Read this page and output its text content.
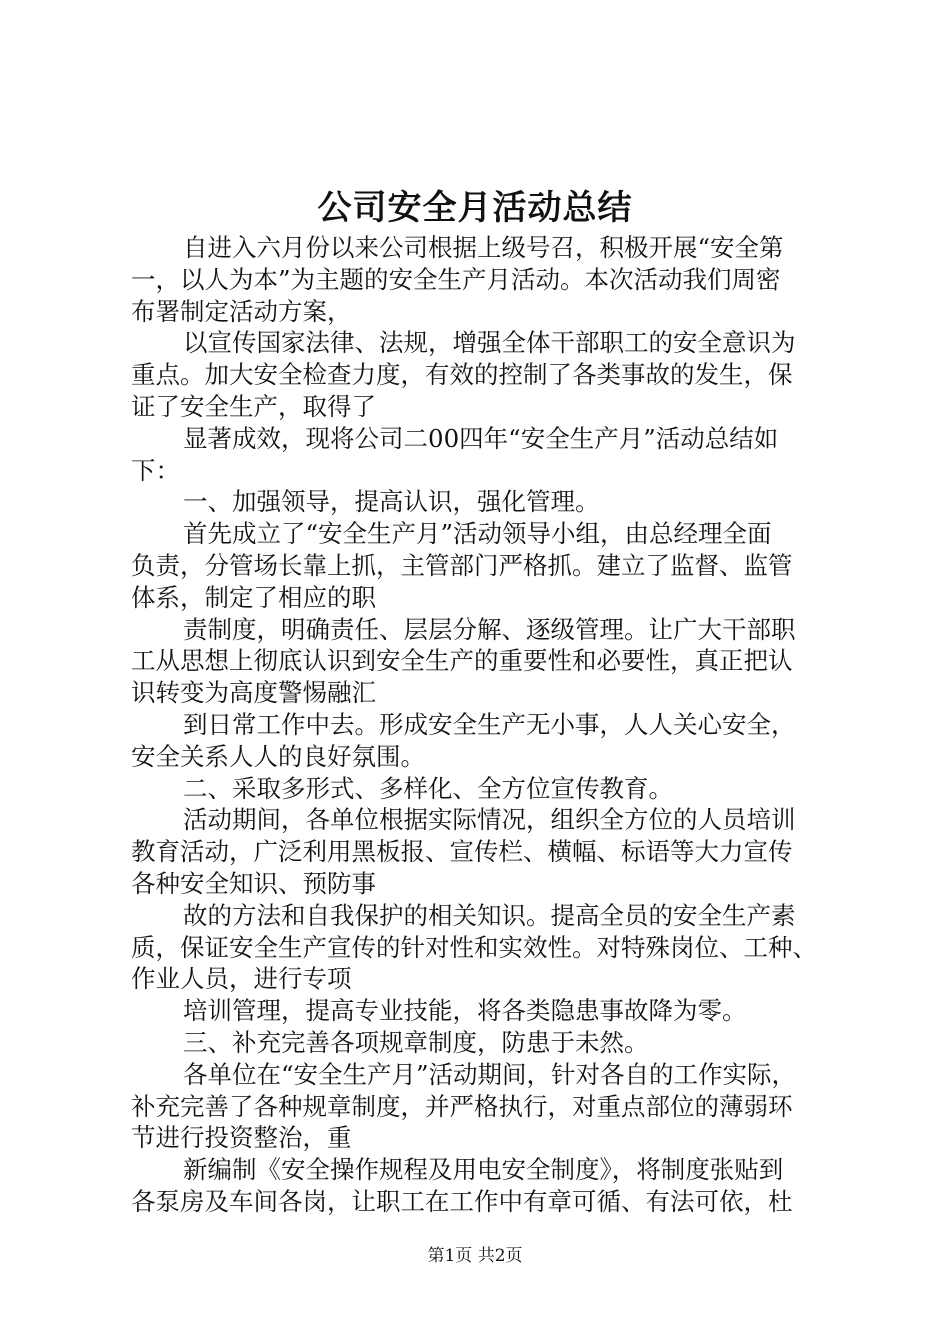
公司安全月活动总结
自进入六月份以来公司根据上级号召，积极开展“安全第
一，以人为本”为主题的安全生产月活动。本次活动我们周密
布署制定活动方案，
以宣传国家法律、法规，增强全体干部职工的安全意识为
重点。加大安全检查力度，有效的控制了各类事故的发生，保
证了安全生产，取得了
显著成效，现将公司二00四年“安全生产月”活动总结如
下：
一、加强领导，提高认识，强化管理。
首先成立了“安全生产月”活动领导小组，由总经理全面
负责，分管场长靠上抓，主管部门严格抓。建立了监督、监管
体系，制定了相应的职
责制度，明确责任、层层分解、逐级管理。让广大干部职
工从思想上彻底认识到安全生产的重要性和必要性，真正把认
识转变为高度警惕融汇
到日常工作中去。形成安全生产无小事，人人关心安全，
安全关系人人的良好氛围。
二、采取多形式、多样化、全方位宣传教育。
活动期间，各单位根据实际情况，组织全方位的人员培训
教育活动，广泛利用黑板报、宣传栏、横幅、标语等大力宣传
各种安全知识、预防事
故的方法和自我保护的相关知识。提高全员的安全生产素
质，保证安全生产宣传的针对性和实效性。对特殊岗位、工种、
作业人员，进行专项
培训管理，提高专业技能，将各类隐患事故降为零。
三、补充完善各项规章制度，防患于未然。
各单位在“安全生产月”活动期间，针对各自的工作实际，
补充完善了各种规章制度，并严格执行，对重点部位的薄弱环
节进行投资整治，重
新编制《安全操作规程及用电安全制度》，将制度张贴到
各泵房及车间各岗，让职工在工作中有章可循、有法可依，杜
第1页 共2页
